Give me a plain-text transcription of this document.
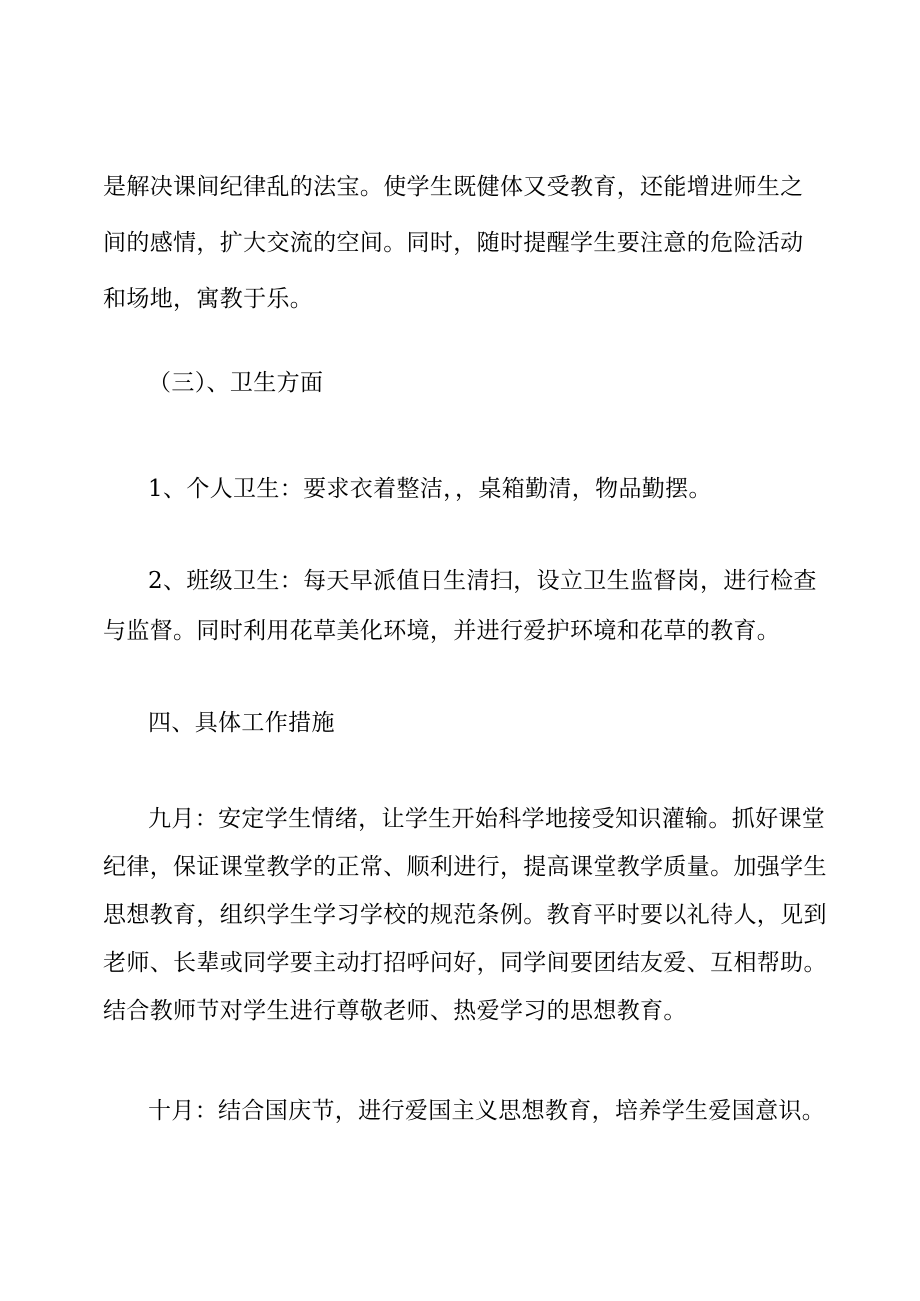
是解决课间纪律乱的法宝。使学生既健体又受教育，还能增进师生之
间的感情，扩大交流的空间。同时，随时提醒学生要注意的危险活动
和场地，寓教于乐。
（三）、卫生方面
1、个人卫生：要求衣着整洁，，桌箱勤清，物品勤摆。
2、班级卫生：每天早派值日生清扫，设立卫生监督岗，进行检查
与监督。同时利用花草美化环境，并进行爱护环境和花草的教育。
四、具体工作措施
九月：安定学生情绪，让学生开始科学地接受知识灌输。抓好课堂
纪律，保证课堂教学的正常、顺利进行，提高课堂教学质量。加强学生
思想教育，组织学生学习学校的规范条例。教育平时要以礼待人，见到
老师、长辈或同学要主动打招呼问好，同学间要团结友爱、互相帮助。
结合教师节对学生进行尊敬老师、热爱学习的思想教育。
十月：结合国庆节，进行爱国主义思想教育，培养学生爱国意识。
